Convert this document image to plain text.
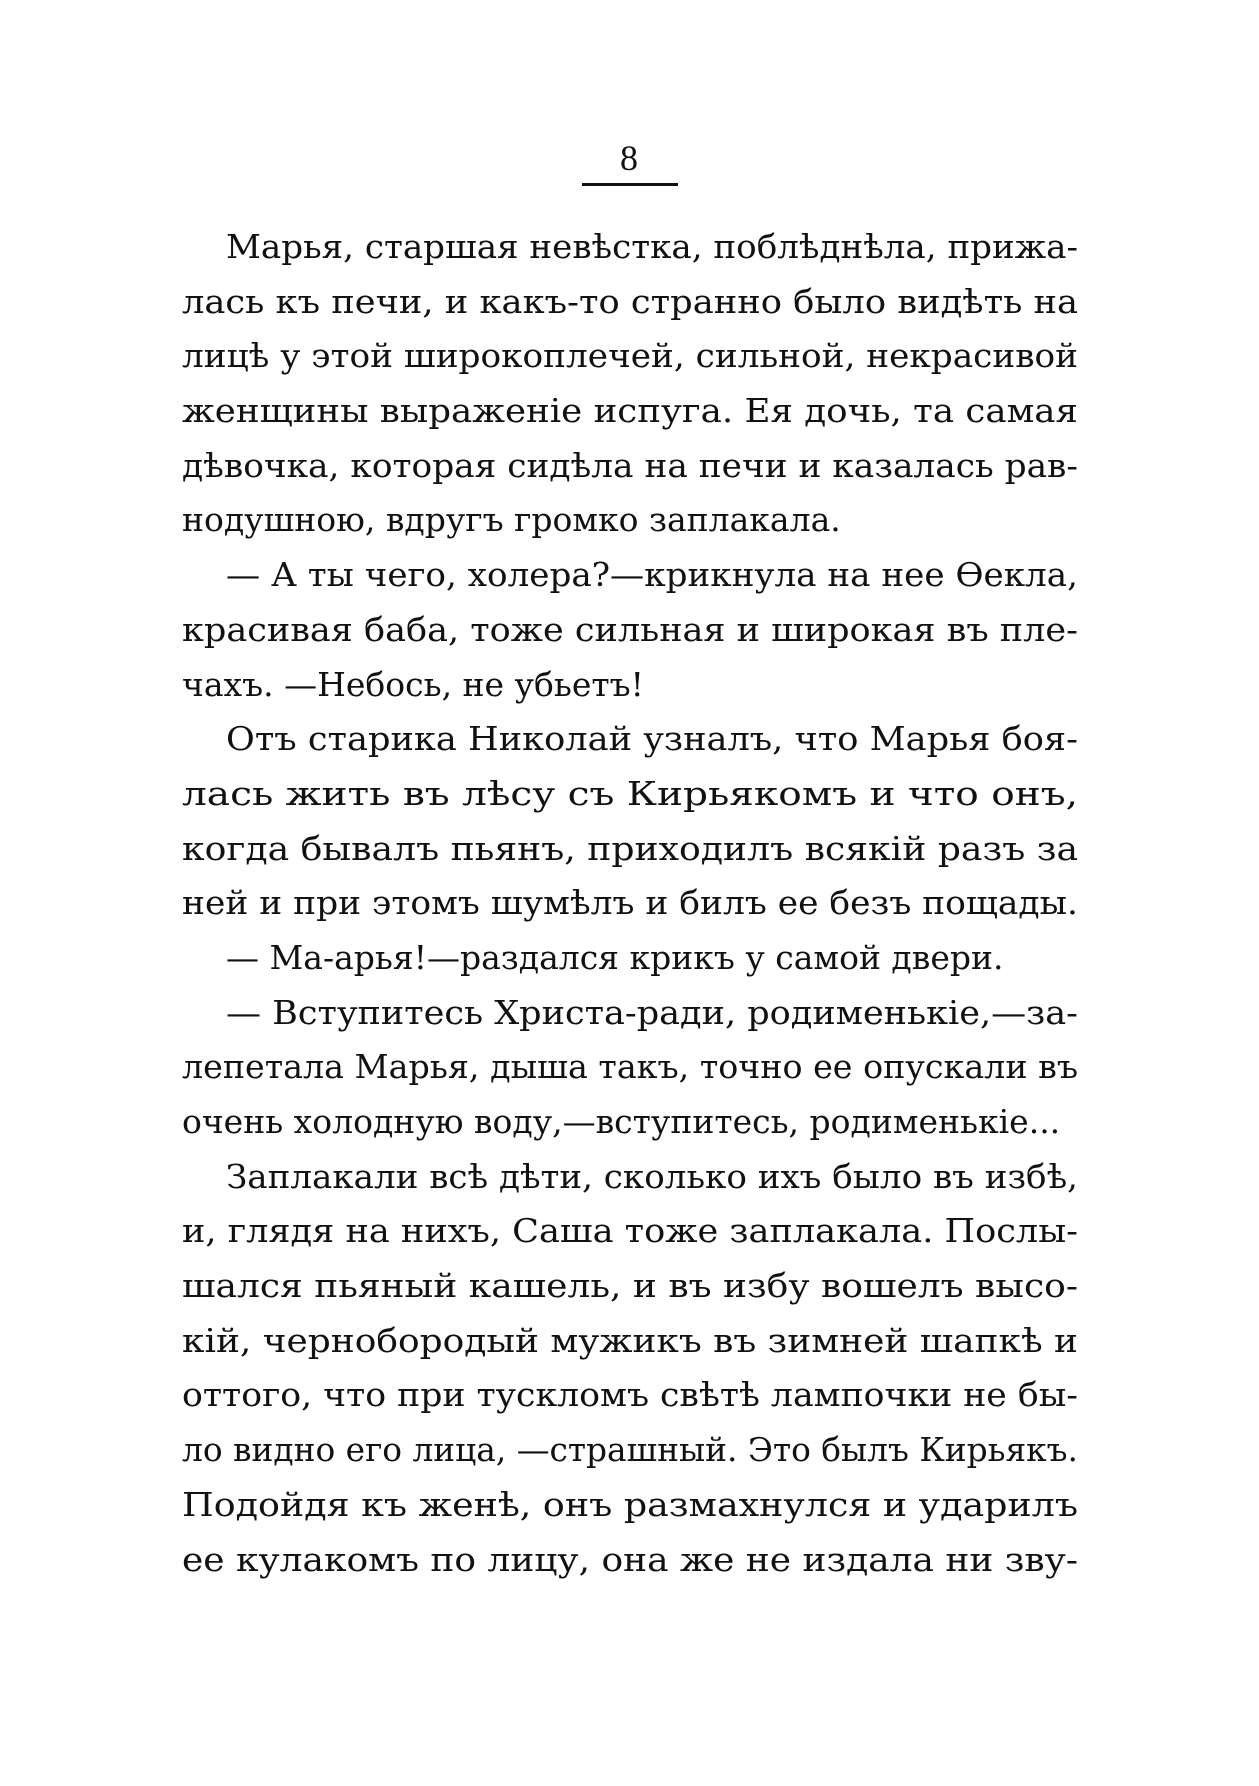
8
Марья, старшая невѣстка, поблѣднѣла, прижа-
лась къ печи, и какъ-то странно было видѣть на
лицѣ у этой широкоплечей, сильной, некрасивой
женщины выраженіе испуга. Ея дочь, та самая
дѣвочка, которая сидѣла на печи и казалась рав-
нодушною, вдругъ громко заплакала.
— А ты чего, холера?—крикнула на нее Ѳекла,
красивая баба, тоже сильная и широкая въ пле-
чахъ. —Небось, не убьетъ!
Отъ старика Николай узналъ, что Марья боя-
лась жить въ лѣсу съ Кирьякомъ и что онъ,
когда бывалъ пьянъ, приходилъ всякій разъ за
ней и при этомъ шумѣлъ и билъ ее безъ пощады.
— Ма-арья!—раздался крикъ у самой двери.
— Вступитесь Христа-ради, родименькіе,—за-
лепетала Марья, дыша такъ, точно ее опускали въ
очень холодную воду,—вступитесь, родименькіе...
Заплакали всѣ дѣти, сколько ихъ было въ избѣ,
и, глядя на нихъ, Саша тоже заплакала. Послы-
шался пьяный кашель, и въ избу вошелъ высо-
кій, чернобородый мужикъ въ зимней шапкѣ и
оттого, что при тускломъ свѣтѣ лампочки не бы-
ло видно его лица, —страшный. Это былъ Кирьякъ.
Подойдя къ женѣ, онъ размахнулся и ударилъ
ее кулакомъ по лицу, она же не издала ни зву-
